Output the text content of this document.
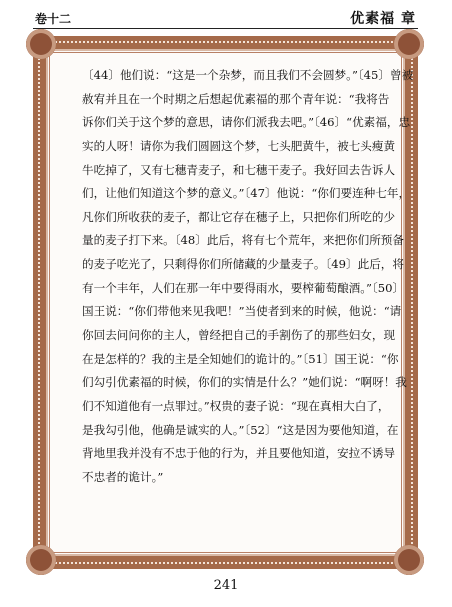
卷十二	优素福 章
〔44〕他们说：“这是一个杂梦，而且我们不会圆梦。”〔45〕曾被
赦宥并且在一个时期之后想起优素福的那个青年说：“我将告
诉你们关于这个梦的意思，请你们派我去吧。”〔46〕“优素福，忠
实的人呀！请你为我们圆圆这个梦，七头肥黄牛，被七头瘦黄
牛吃掉了，又有七穗青麦子，和七穗干麦子。我好回去告诉人
们，让他们知道这个梦的意义。”〔47〕他说：“你们要连种七年，
凡你们所收获的麦子，都让它存在穗子上，只把你们所吃的少
量的麦子打下来。〔48〕此后，将有七个荒年，来把你们所预备
的麦子吃光了，只剩得你们所储藏的少量麦子。〔49〕此后，将
有一个丰年，人们在那一年中要得雨水，要榨葡萄酿酒。”〔50〕
国王说：“你们带他来见我吧！”当使者到来的时候，他说：“请
你回去问问你的主人，曾经把自己的手割伤了的那些妇女，现
在是怎样的？我的主是全知她们的诡计的。”〔51〕国王说：“你
们勾引优素福的时候，你们的实情是什么？”她们说：“啊呀！我
们不知道他有一点罪过。”权贵的妻子说：“现在真相大白了，
是我勾引他，他确是诚实的人。”〔52〕“这是因为要他知道，在
背地里我并没有不忠于他的行为，并且要他知道，安拉不诱导
不忠者的诡计。”
241
